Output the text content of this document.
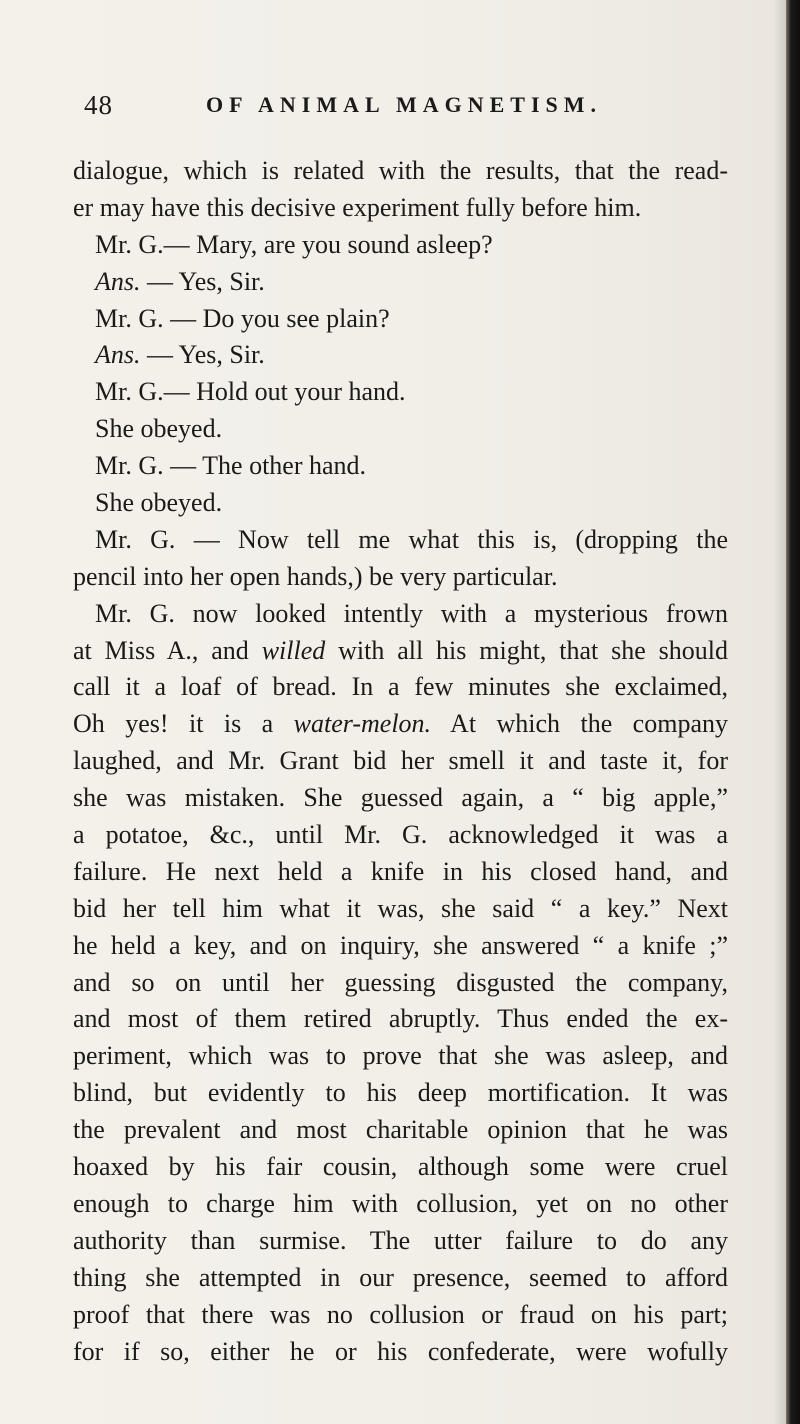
48	OF ANIMAL MAGNETISM.
dialogue, which is related with the results, that the read-
er may have this decisive experiment fully before him.
Mr. G.— Mary, are you sound asleep?
Ans. — Yes, Sir.
Mr. G. — Do you see plain?
Ans. — Yes, Sir.
Mr. G.— Hold out your hand.
She obeyed.
Mr. G. — The other hand.
She obeyed.
Mr. G. — Now tell me what this is, (dropping the
pencil into her open hands,) be very particular.
Mr. G. now looked intently with a mysterious frown
at Miss A., and willed with all his might, that she should
call it a loaf of bread. In a few minutes she exclaimed,
Oh yes! it is a water-melon. At which the company
laughed, and Mr. Grant bid her smell it and taste it, for
she was mistaken. She guessed again, a “ big apple,”
a potatoe, &c., until Mr. G. acknowledged it was a
failure. He next held a knife in his closed hand, and
bid her tell him what it was, she said “ a key.” Next
he held a key, and on inquiry, she answered “ a knife ;”
and so on until her guessing disgusted the company,
and most of them retired abruptly. Thus ended the ex-
periment, which was to prove that she was asleep, and
blind, but evidently to his deep mortification. It was
the prevalent and most charitable opinion that he was
hoaxed by his fair cousin, although some were cruel
enough to charge him with collusion, yet on no other
authority than surmise. The utter failure to do any
thing she attempted in our presence, seemed to afford
proof that there was no collusion or fraud on his part;
for if so, either he or his confederate, were wofully
